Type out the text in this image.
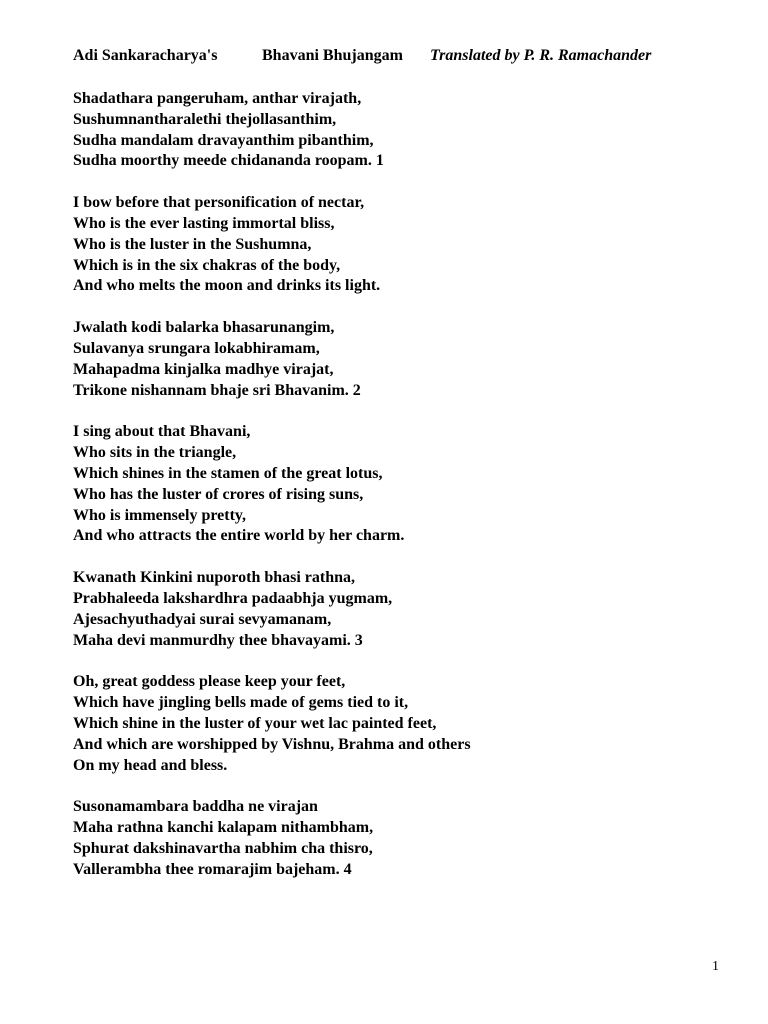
Adi Sankaracharya's	Bhavani Bhujangam Translated by P. R. Ramachander
Shadathara pangeruham, anthar virajath,
Sushumnantharalethi thejollasanthim,
Sudha mandalam dravayanthim pibanthim,
Sudha moorthy meede chidananda roopam. 1
I bow before that personification of nectar,
Who is the ever lasting immortal bliss,
Who is the luster in the Sushumna,
Which is in the six chakras of the body,
And who melts the moon and drinks its light.
Jwalath kodi balarka bhasarunangim,
Sulavanya srungara lokabhiramam,
Mahapadma kinjalka madhye virajat,
Trikone nishannam bhaje sri Bhavanim. 2
I sing about that Bhavani,
Who sits in the triangle,
Which shines in the stamen of the great lotus,
Who has the luster of crores of rising suns,
Who is immensely pretty,
And who attracts the entire world by her charm.
Kwanath Kinkini nuporoth bhasi rathna,
Prabhaleeda lakshardhra padaabhja yugmam,
Ajesachyuthadyai surai sevyamanam,
Maha devi manmurdhy thee bhavayami. 3
Oh, great goddess please keep your feet,
Which have jingling bells made of gems tied to it,
Which shine in the luster of your wet lac painted feet,
And which are worshipped by Vishnu, Brahma and others
On my head and bless.
Susonamambara baddha ne virajan
Maha rathna kanchi kalapam nithambham,
Sphurat dakshinavartha nabhim cha thisro,
Vallerambha thee romarajim bajeham. 4
1
